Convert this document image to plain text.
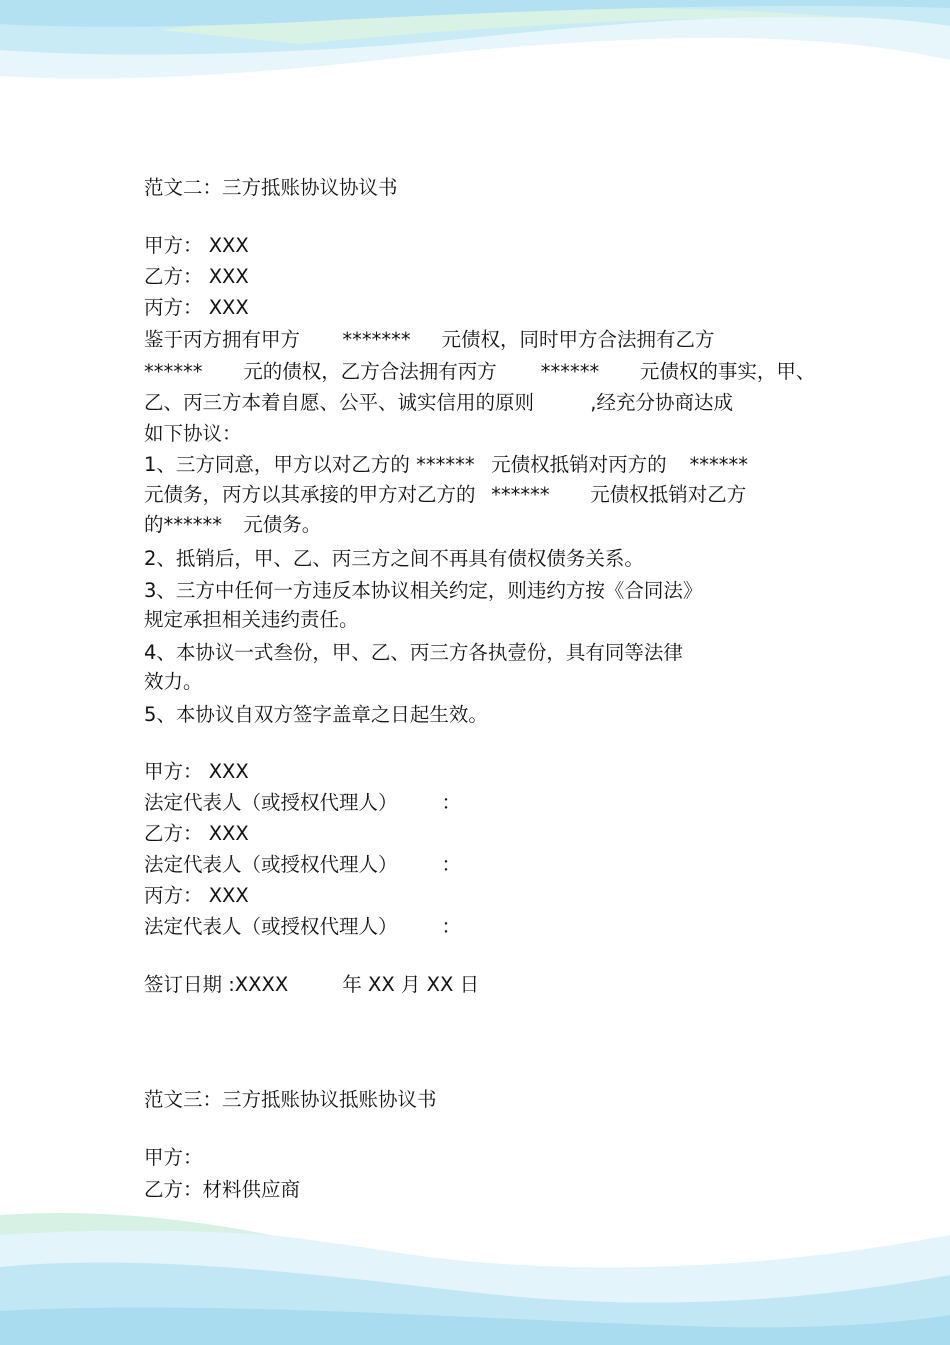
范文二：三方抵账协议协议书

甲方： XXX

乙方： XXX

丙方： XXX

鉴于丙方拥有甲方	*******	元债权，同时甲方合法拥有乙方

******	元的债权，乙方合法拥有丙方	******	元债权的事实，甲、

乙、丙三方本着自愿、公平、诚实信用的原则	,经充分协商达成

如下协议：

1、三方同意，甲方以对乙方的 ******	元债权抵销对丙方的	******

元债务，丙方以其承接的甲方对乙方的	******	元债权抵销对乙方

的******	元债务。

2、抵销后，甲、乙、丙三方之间不再具有债权债务关系。

3、三方中任何一方违反本协议相关约定，则违约方按《合同法》

规定承担相关违约责任。

4、本协议一式叁份，甲、乙、丙三方各执壹份，具有同等法律

效力。

5、本协议自双方签字盖章之日起生效。

甲方： XXX

法定代表人（或授权代理人）	：

乙方： XXX

法定代表人（或授权代理人）	：

丙方： XXX

法定代表人（或授权代理人）	：

签订日期 :XXXX	年 XX 月 XX 日

范文三：三方抵账协议抵账协议书

甲方：

乙方：材料供应商
